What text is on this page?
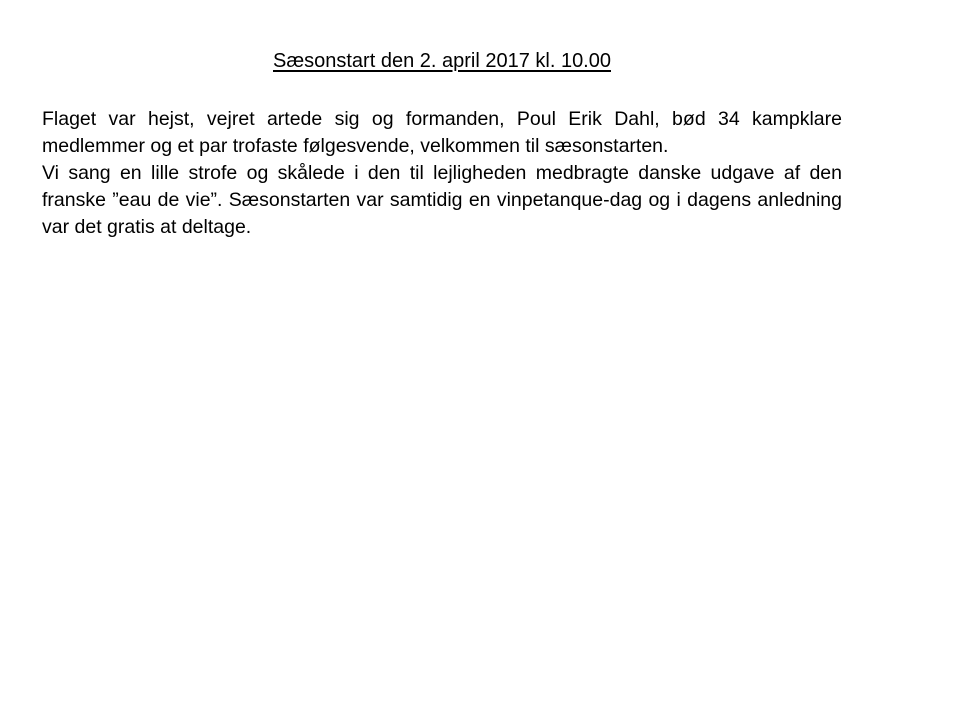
Sæsonstart den 2. april 2017 kl. 10.00

Flaget var hejst, vejret artede sig og formanden, Poul Erik Dahl, bød 34 kampklare medlemmer og et par trofaste følgesvende, velkommen til sæsonstarten.

Vi sang en lille strofe og skålede i den til lejligheden medbragte danske udgave af den franske ”eau de vie”. Sæsonstarten var samtidig en vinpetanque-dag og i dagens anledning var det gratis at deltage.
